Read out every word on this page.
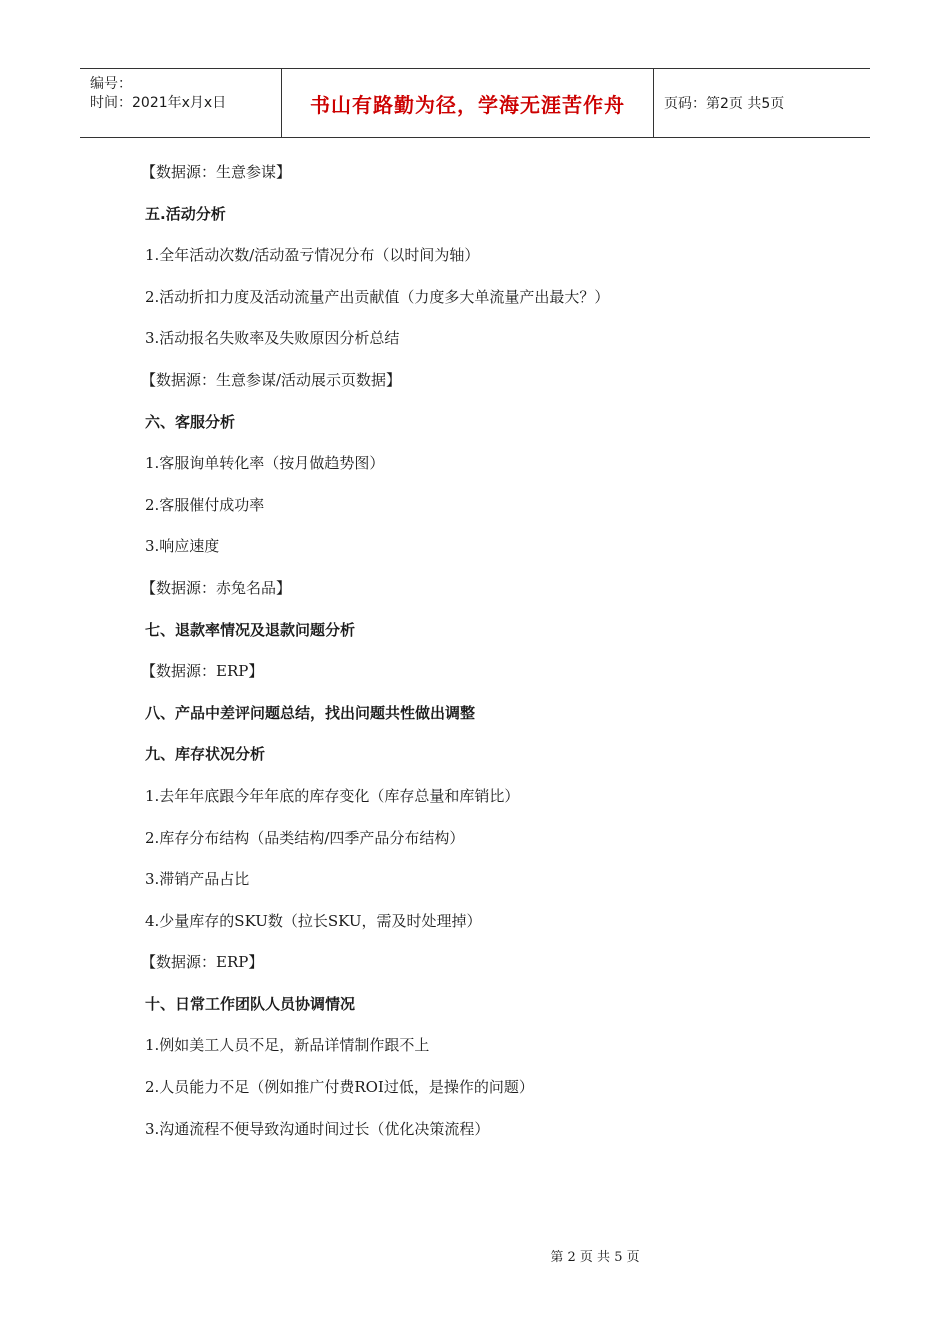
编号：
时间：2021年x月x日	书山有路勤为径，学海无涯苦作舟	页码：第2页 共5页
【数据源：生意参谋】
五.活动分析
1.全年活动次数/活动盈亏情况分布（以时间为轴）
2.活动折扣力度及活动流量产出贡献值（力度多大单流量产出最大？）
3.活动报名失败率及失败原因分析总结
【数据源：生意参谋/活动展示页数据】
六、客服分析
1.客服询单转化率（按月做趋势图）
2.客服催付成功率
3.响应速度
【数据源：赤兔名品】
七、退款率情况及退款问题分析
【数据源：ERP】
八、产品中差评问题总结，找出问题共性做出调整
九、库存状况分析
1.去年年底跟今年年底的库存变化（库存总量和库销比）
2.库存分布结构（品类结构/四季产品分布结构）
3.滞销产品占比
4.少量库存的SKU数（拉长SKU，需及时处理掉）
【数据源：ERP】
十、日常工作团队人员协调情况
1.例如美工人员不足，新品详情制作跟不上
2.人员能力不足（例如推广付费ROI过低，是操作的问题）
3.沟通流程不便导致沟通时间过长（优化决策流程）
第 2 页 共 5 页
